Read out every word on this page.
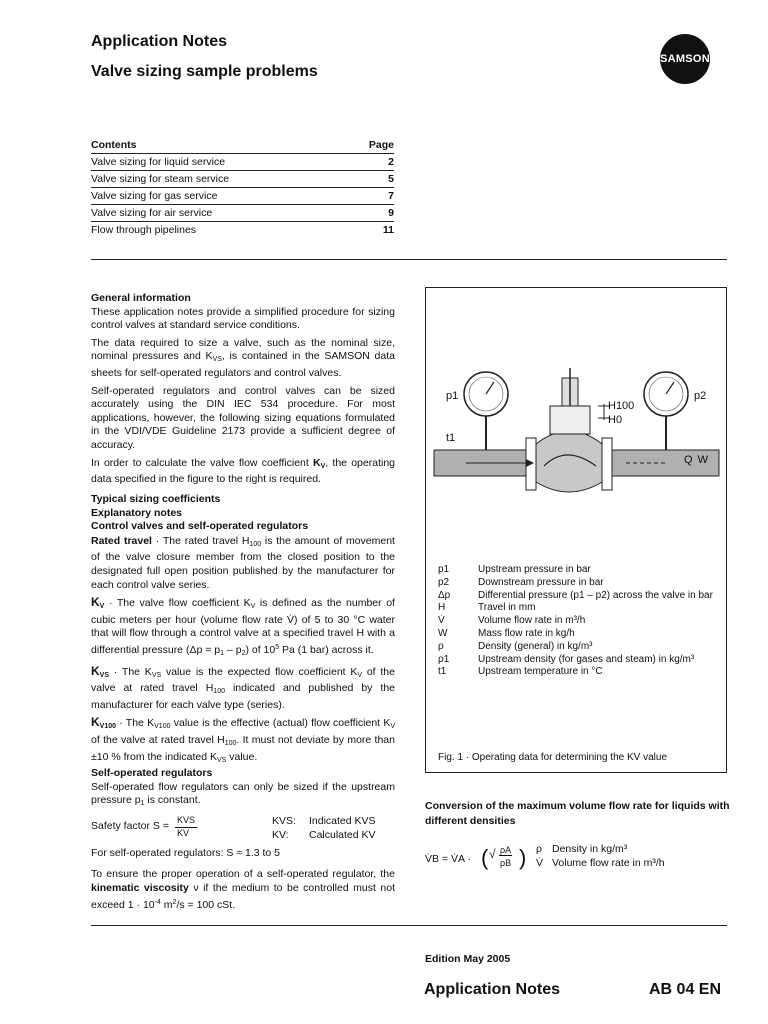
Application Notes
Valve sizing sample problems
SAMSON
Contents	Page
Valve sizing for liquid service	2
Valve sizing for steam service	5
Valve sizing for gas service	7
Valve sizing for air service	9
Flow through pipelines	11
General information

These application notes provide a simplified procedure for sizing control valves at standard service conditions.

The data required to size a valve, such as the nominal size, nominal pressures and $K_{VS}$, is contained in the SAMSON data sheets for self-operated regulators and control valves.

Self-operated regulators and control valves can be sized accurately using the DIN IEC 534 procedure. For most applications, however, the following sizing equations formulated in the VDI/VDE Guideline 2173 provide a sufficient degree of accuracy.

In order to calculate the valve flow coefficient $K_V$, the operating data specified in the figure to the right is required.

Typical sizing coefficients
Explanatory notes
Control valves and self-operated regulators

Rated travel · The rated travel $H_{100}$ is the amount of movement of the valve closure member from the closed position to the designated full open position published by the manufacturer for each control valve series.

$K_V$ · The valve flow coefficient $K_V$ is defined as the number of cubic meters per hour (volume flow rate V̇) of 5 to 30 °C water that will flow through a control valve at a specified travel H with a differential pressure $(\Delta p = p_1 - p_2)$ of $10^5$ Pa (1 bar) across it.

$K_{VS}$ · The $K_{VS}$ value is the expected flow coefficient $K_V$ of the valve at rated travel $H_{100}$ indicated and published by the manufacturer for each valve type (series).

$K_{V100}$ · The $K_{V100}$ value is the effective (actual) flow coefficient $K_V$ of the valve at rated travel $H_{100}$. It must not deviate by more than ±10 % from the indicated $K_{VS}$ value.

Self-operated regulators

Self-operated flow regulators can only be sized if the upstream pressure $p_1$ is constant.

Safety factor S = KVS
KV
KVS: Indicated KVS
KV: Calculated KV

For self-operated regulators: S ≈ 1.3 to 5

To ensure the proper operation of a self-operated regulator, the kinematic viscosity ν if the medium to be controlled must not exceed $1 \cdot 10^{-4}$ $m^2/s = 100$ cSt.

p1	p2
H100
H0
t1
Q W
p1	Upstream pressure in bar
p2	Downstream pressure in bar
Δp	Differential pressure (p1 – p2) across the valve in bar
H	Travel in mm
V̇	Volume flow rate in m³/h
W	Mass flow rate in kg/h
ρ	Density (general) in kg/m³
ρ1	Upstream density (for gases and steam) in kg/m³
t1	Upstream temperature in °C
Fig. 1 · Operating data for determining the KV value
Conversion of the maximum volume flow rate for liquids with different densities
V̇B = V̇A · ( √ ρA
ρB ) ρ Density in kg/m³
V̇ Volume flow rate in m³/h
Edition May 2005
Application Notes	AB 04 EN
